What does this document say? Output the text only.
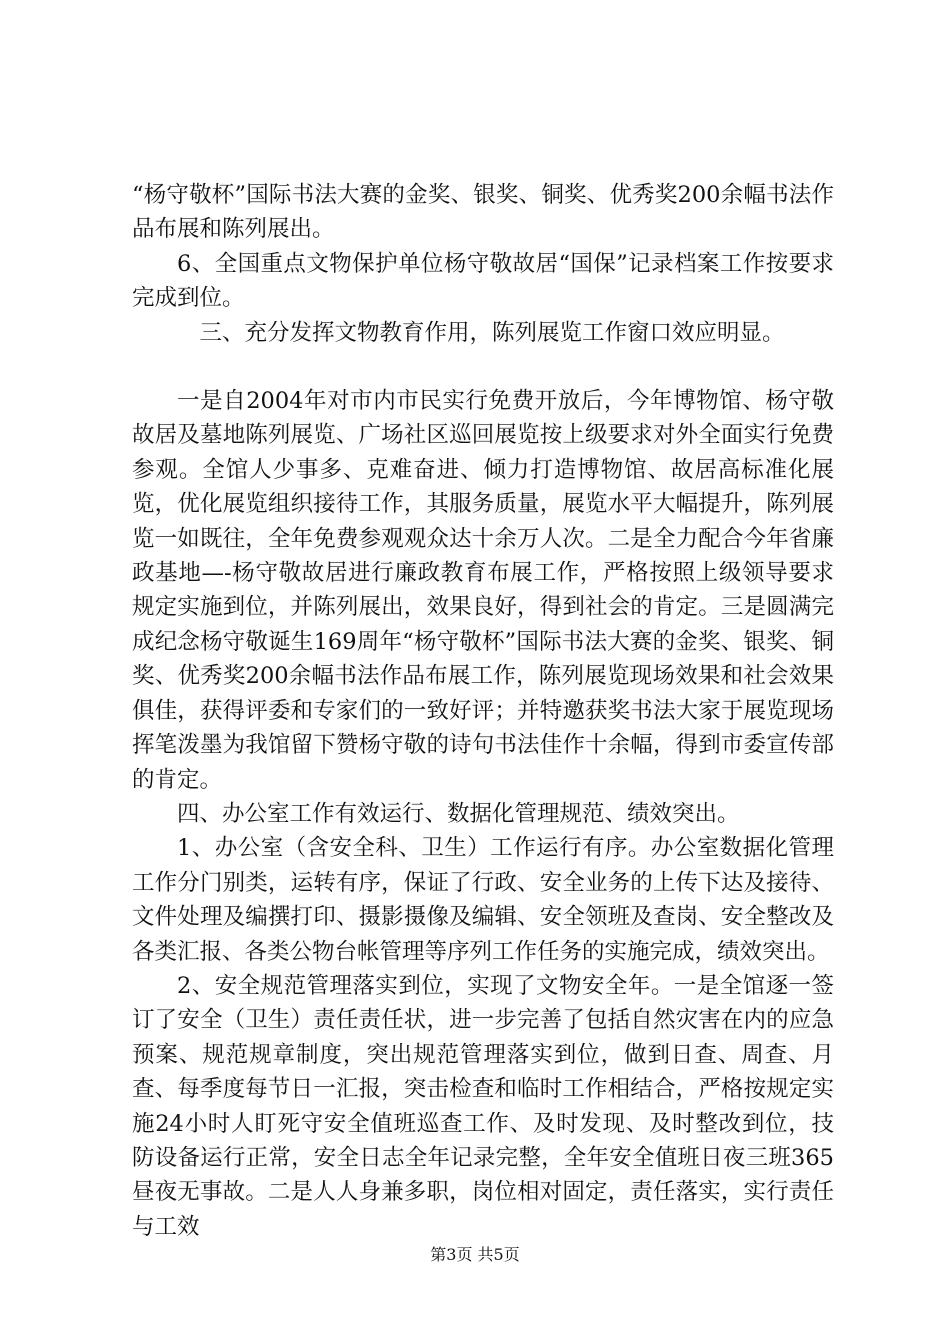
“杨守敬杯”国际书法大赛的金奖、银奖、铜奖、优秀奖200余幅书法作品布展和陈列展出。

6、全国重点文物保护单位杨守敬故居“国保”记录档案工作按要求完成到位。

三、充分发挥文物教育作用，陈列展览工作窗口效应明显。

一是自2004年对市内市民实行免费开放后，今年博物馆、杨守敬故居及墓地陈列展览、广场社区巡回展览按上级要求对外全面实行免费参观。全馆人少事多、克难奋进、倾力打造博物馆、故居高标准化展览，优化展览组织接待工作，其服务质量，展览水平大幅提升，陈列展览一如既往，全年免费参观观众达十余万人次。二是全力配合今年省廉政基地—-杨守敬故居进行廉政教育布展工作，严格按照上级领导要求规定实施到位，并陈列展出，效果良好，得到社会的肯定。三是圆满完成纪念杨守敬诞生169周年“杨守敬杯”国际书法大赛的金奖、银奖、铜奖、优秀奖200余幅书法作品布展工作，陈列展览现场效果和社会效果俱佳，获得评委和专家们的一致好评；并特邀获奖书法大家于展览现场挥笔泼墨为我馆留下赞杨守敬的诗句书法佳作十余幅，得到市委宣传部的肯定。

四、办公室工作有效运行、数据化管理规范、绩效突出。

1、办公室（含安全科、卫生）工作运行有序。办公室数据化管理工作分门别类，运转有序，保证了行政、安全业务的上传下达及接待、文件处理及编撰打印、摄影摄像及编辑、安全领班及查岗、安全整改及各类汇报、各类公物台帐管理等序列工作任务的实施完成，绩效突出。

2、安全规范管理落实到位，实现了文物安全年。一是全馆逐一签订了安全（卫生）责任责任状，进一步完善了包括自然灾害在内的应急预案、规范规章制度，突出规范管理落实到位，做到日查、周查、月查、每季度每节日一汇报，突击检查和临时工作相结合，严格按规定实施24小时人盯死守安全值班巡查工作、及时发现、及时整改到位，技防设备运行正常，安全日志全年记录完整，全年安全值班日夜三班365昼夜无事故。二是人人身兼多职，岗位相对固定，责任落实，实行责任与工效

第3页 共5页
